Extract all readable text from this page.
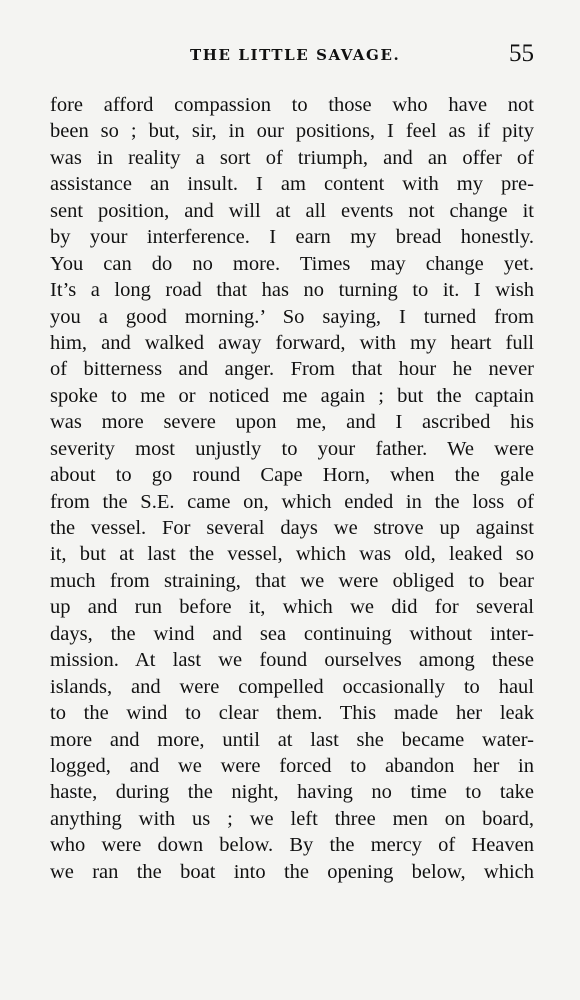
THE LITTLE SAVAGE.	55
fore afford compassion to those who have not
been so ; but, sir, in our positions, I feel as if pity
was in reality a sort of triumph, and an offer of
assistance an insult. I am content with my pre-
sent position, and will at all events not change it
by your interference. I earn my bread honestly.
You can do no more. Times may change yet.
It’s a long road that has no turning to it. I wish
you a good morning.’ So saying, I turned from
him, and walked away forward, with my heart full
of bitterness and anger. From that hour he never
spoke to me or noticed me again ; but the captain
was more severe upon me, and I ascribed his
severity most unjustly to your father. We were
about to go round Cape Horn, when the gale
from the S.E. came on, which ended in the loss of
the vessel. For several days we strove up against
it, but at last the vessel, which was old, leaked so
much from straining, that we were obliged to bear
up and run before it, which we did for several
days, the wind and sea continuing without inter-
mission. At last we found ourselves among these
islands, and were compelled occasionally to haul
to the wind to clear them. This made her leak
more and more, until at last she became water-
logged, and we were forced to abandon her in
haste, during the night, having no time to take
anything with us ; we left three men on board,
who were down below. By the mercy of Heaven
we ran the boat into the opening below, which
